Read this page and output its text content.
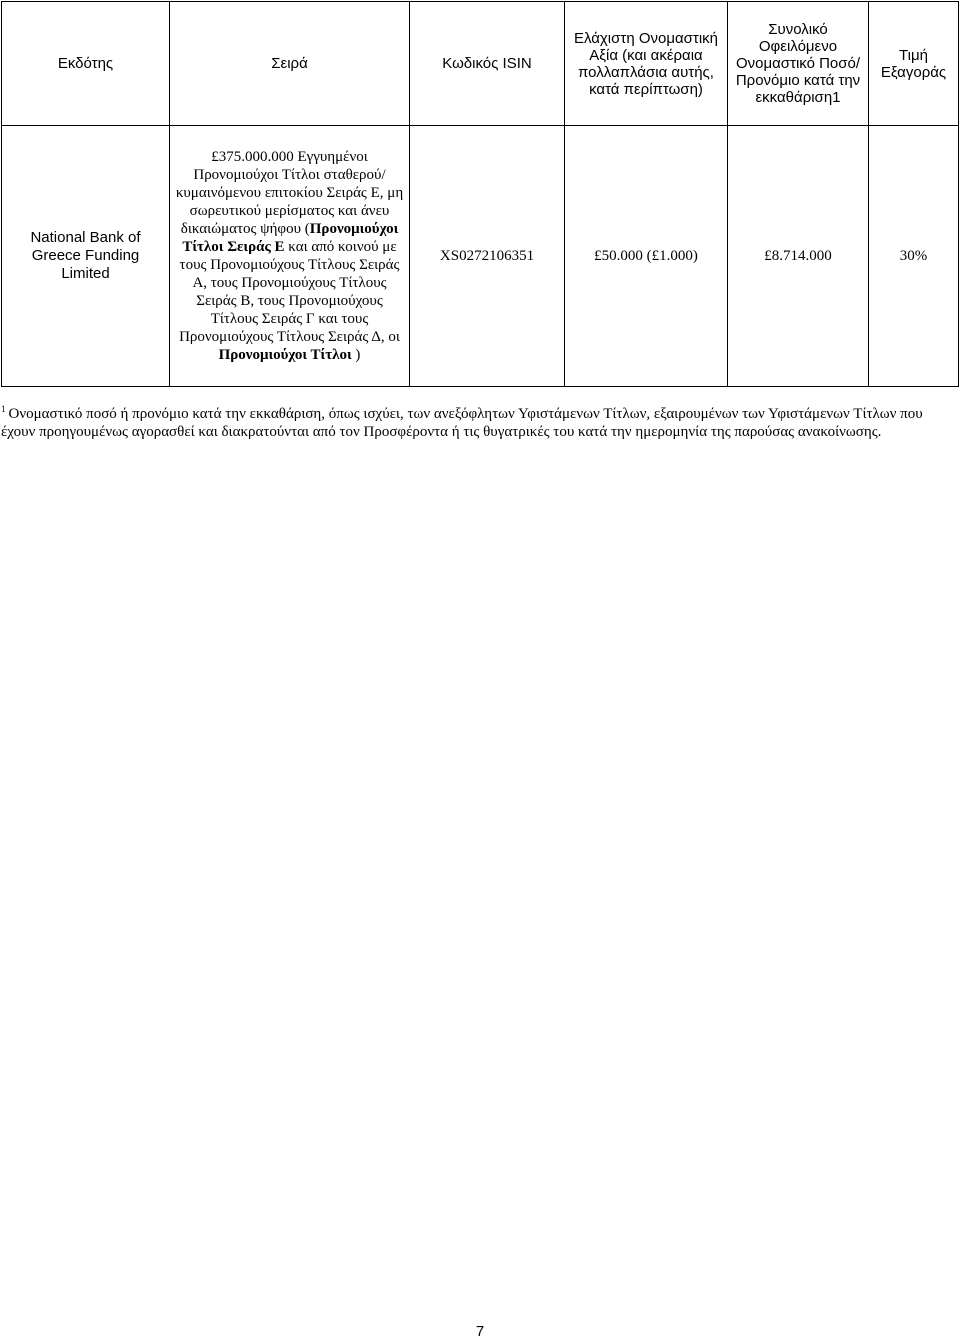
Εκδότης	Σειρά	Κωδικός ISIN	Ελάχιστη Ονομαστική Αξία (και ακέραια πολλαπλάσια αυτής, κατά περίπτωση)	Συνολικό Οφειλόμενο Ονομαστικό Ποσό/ Προνόμιο κατά την εκκαθάριση1	Τιμή Εξαγοράς
National Bank of Greece Funding Limited	£375.000.000 Εγγυημένοι Προνομιούχοι Τίτλοι σταθερού/κυμαινόμενου επιτοκίου Σειράς Ε, μη σωρευτικού μερίσματος και άνευ δικαιώματος ψήφου (Προνομιούχοι Τίτλοι Σειράς Ε και από κοινού με τους Προνομιούχους Τίτλους Σειράς Α, τους Προνομιούχους Τίτλους Σειράς Β, τους Προνομιούχους Τίτλους Σειράς Γ και τους Προνομιούχους Τίτλους Σειράς Δ, οι Προνομιούχοι Τίτλοι )	XS0272106351	£50.000 (£1.000)	£8.714.000	30%
$^1$ Ονομαστικό ποσό ή προνόμιο κατά την εκκαθάριση, όπως ισχύει, των ανεξόφλητων Υφιστάμενων Τίτλων, εξαιρουμένων των Υφιστάμενων Τίτλων που έχουν προηγουμένως αγορασθεί και διακρατούνται από τον Προσφέροντα ή τις θυγατρικές του κατά την ημερομηνία της παρούσας ανακοίνωσης.
7
